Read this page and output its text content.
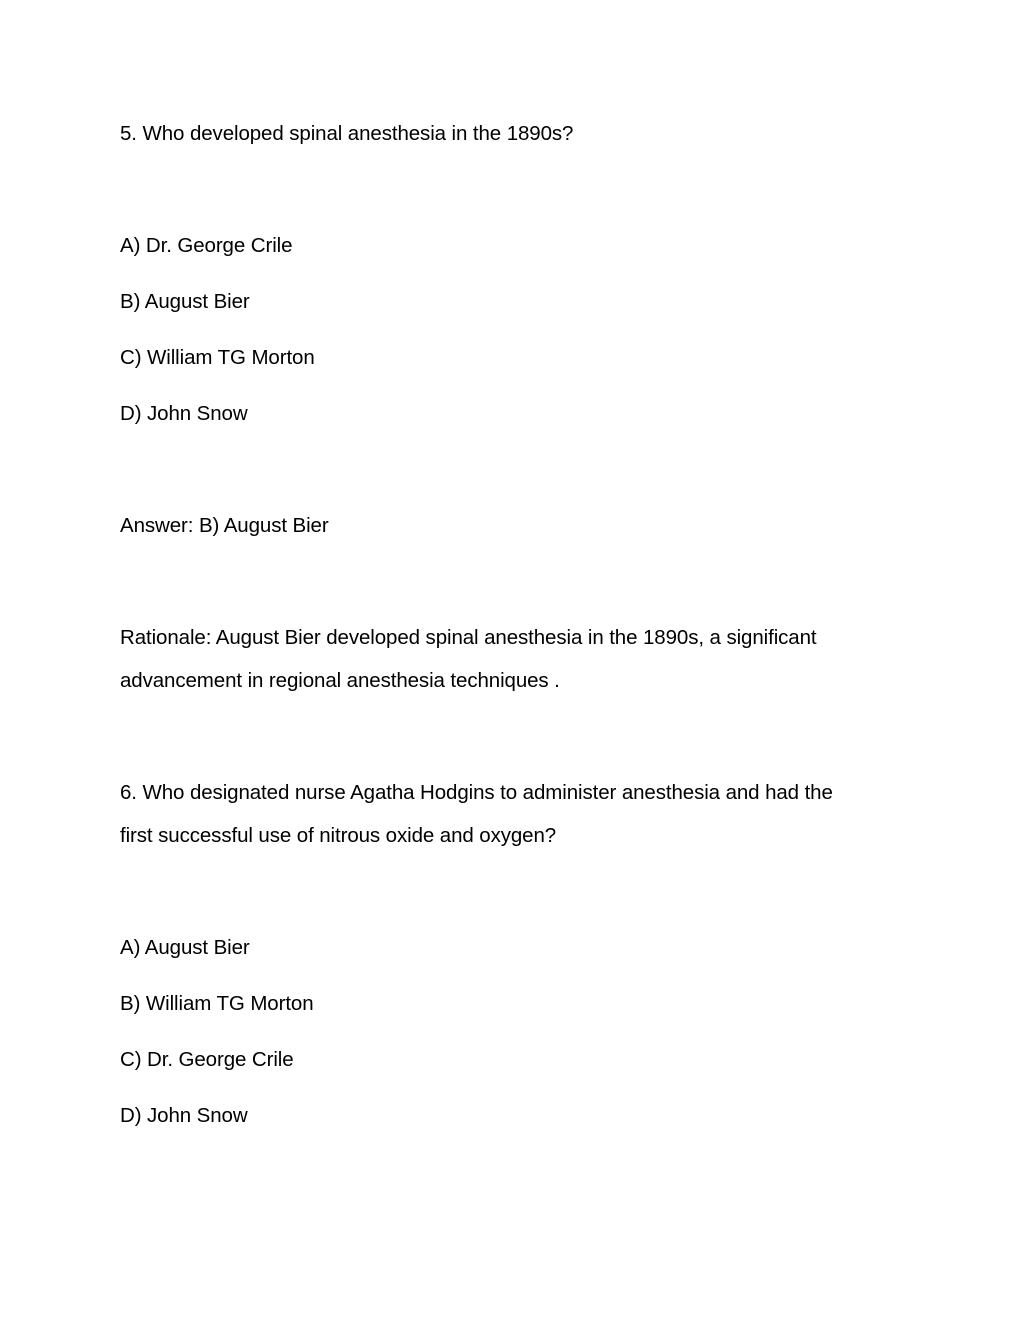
5. Who developed spinal anesthesia in the 1890s?
A) Dr. George Crile
B) August Bier
C) William TG Morton
D) John Snow
Answer: B) August Bier
Rationale: August Bier developed spinal anesthesia in the 1890s, a significant
advancement in regional anesthesia techniques .
6. Who designated nurse Agatha Hodgins to administer anesthesia and had the
first successful use of nitrous oxide and oxygen?
A) August Bier
B) William TG Morton
C) Dr. George Crile
D) John Snow
